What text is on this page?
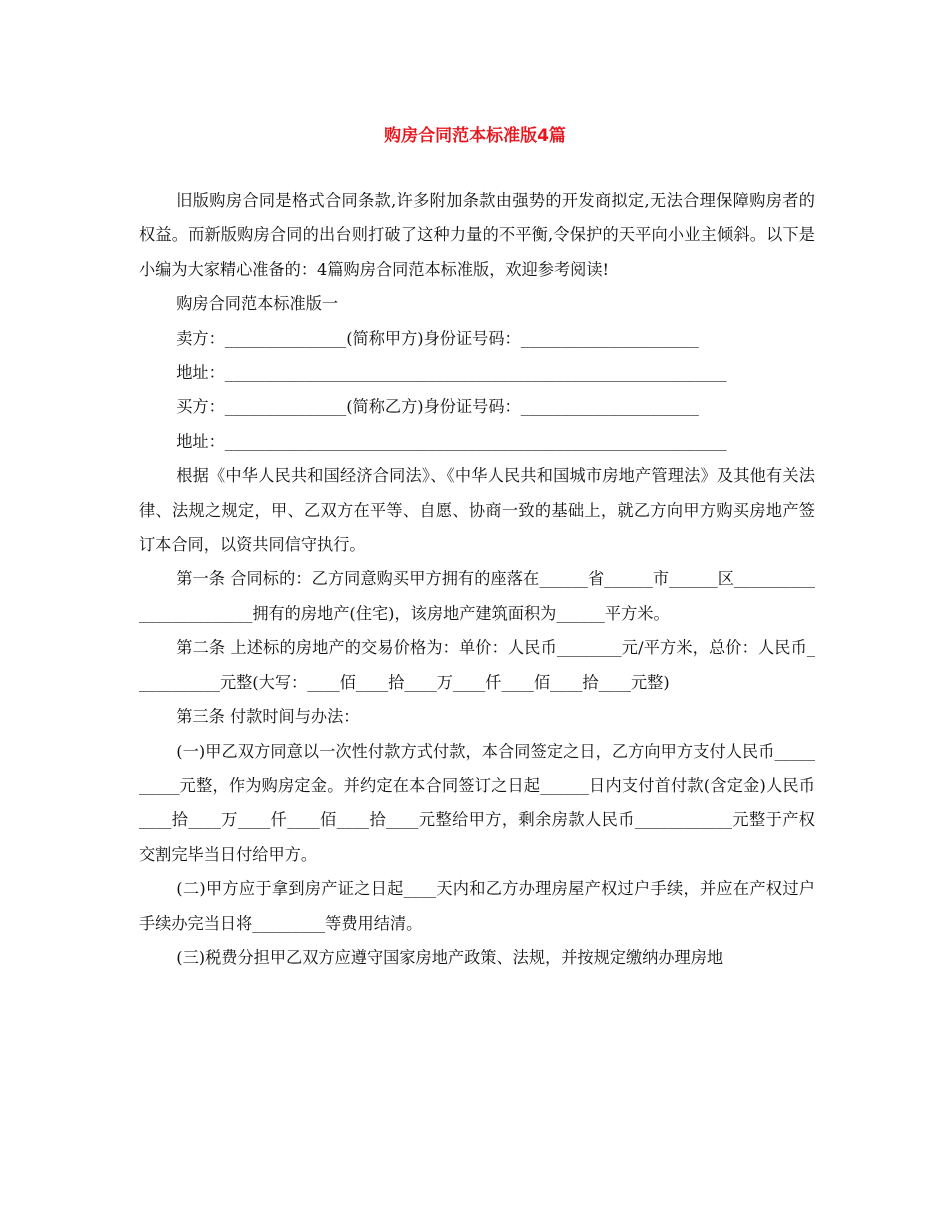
购房合同范本标准版4篇

旧版购房合同是格式合同条款,许多附加条款由强势的开发商拟定,无法合理保障购房者的权益。而新版购房合同的出台则打破了这种力量的不平衡,令保护的天平向小业主倾斜。以下是小编为大家精心准备的：4篇购房合同范本标准版，欢迎参考阅读!

购房合同范本标准版一

卖方：_______________(简称甲方)身份证号码：______________________

地址：______________________________________________________________

买方：_______________(简称乙方)身份证号码：______________________

地址：______________________________________________________________

根据《中华人民共和国经济合同法》、《中华人民共和国城市房地产管理法》及其他有关法律、法规之规定，甲、乙双方在平等、自愿、协商一致的基础上，就乙方向甲方购买房地产签订本合同，以资共同信守执行。

第一条 合同标的：乙方同意购买甲方拥有的座落在______省______市______区________________________拥有的房地产(住宅)，该房地产建筑面积为______平方米。

第二条 上述标的房地产的交易价格为：单价：人民币________元/平方米，总价：人民币___________元整(大写：____佰____拾____万____仟____佰____拾____元整)

第三条 付款时间与办法：

(一)甲乙双方同意以一次性付款方式付款，本合同签定之日，乙方向甲方支付人民币__________元整，作为购房定金。并约定在本合同签订之日起______日内支付首付款(含定金)人民币____拾____万____仟____佰____拾____元整给甲方，剩余房款人民币____________元整于产权交割完毕当日付给甲方。

(二)甲方应于拿到房产证之日起____天内和乙方办理房屋产权过户手续，并应在产权过户手续办完当日将_________等费用结清。

(三)税费分担甲乙双方应遵守国家房地产政策、法规，并按规定缴纳办理房地
